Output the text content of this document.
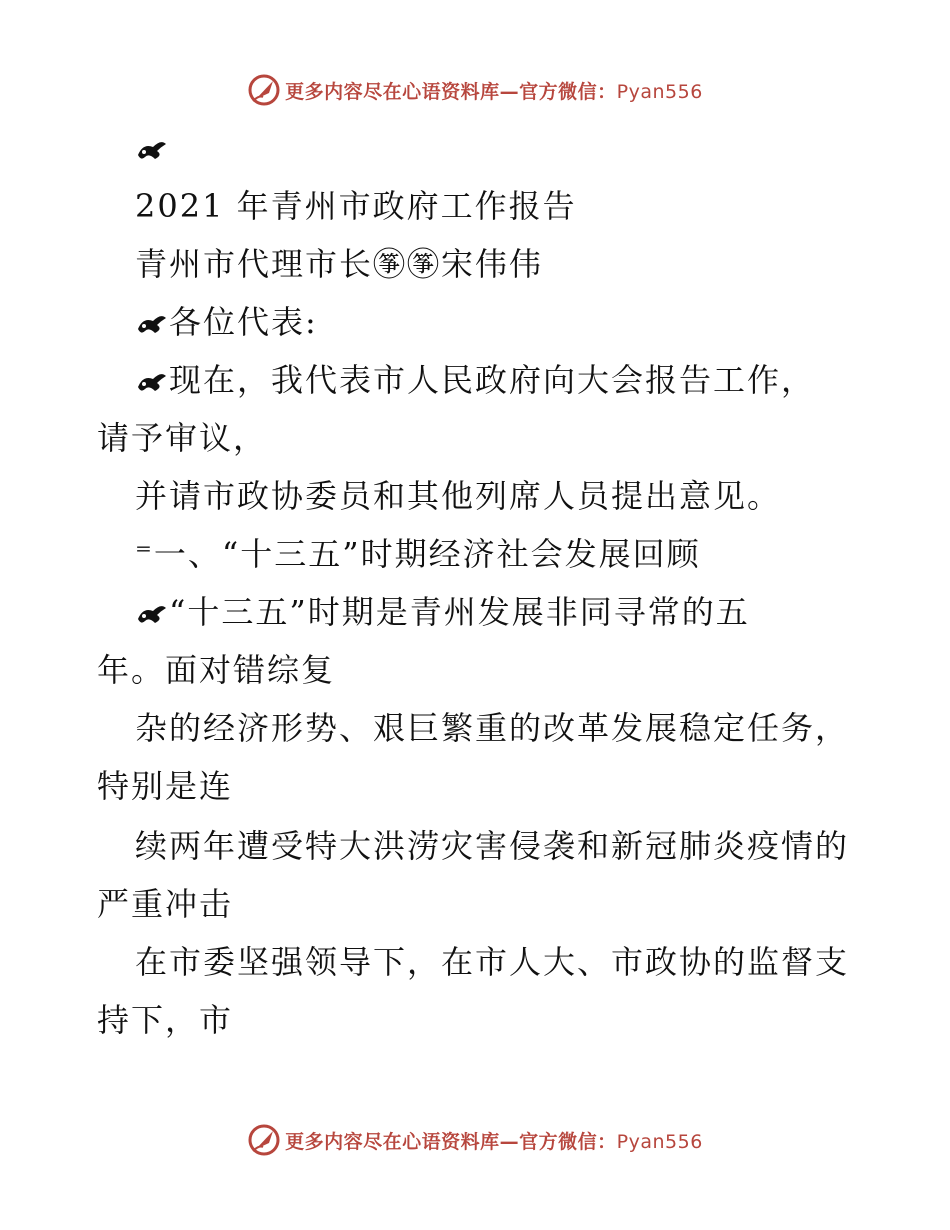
更多内容尽在心语资料库—官方微信：Pyan556
2021 年青州市政府工作报告
青州市代理市长㉇㉇宋伟伟
各位代表:
现在，我代表市人民政府向大会报告工作，
请予审议，
并请市政协委员和其他列席人员提出意见。
⁼一、“十三五”时期经济社会发展回顾
“十三五”时期是青州发展非同寻常的五
年。面对错综复
杂的经济形势、艰巨繁重的改革发展稳定任务，
特别是连
续两年遭受特大洪涝灾害侵袭和新冠肺炎疫情的
严重冲击
在市委坚强领导下，在市人大、市政协的监督支
持下，市
更多内容尽在心语资料库—官方微信：Pyan556
